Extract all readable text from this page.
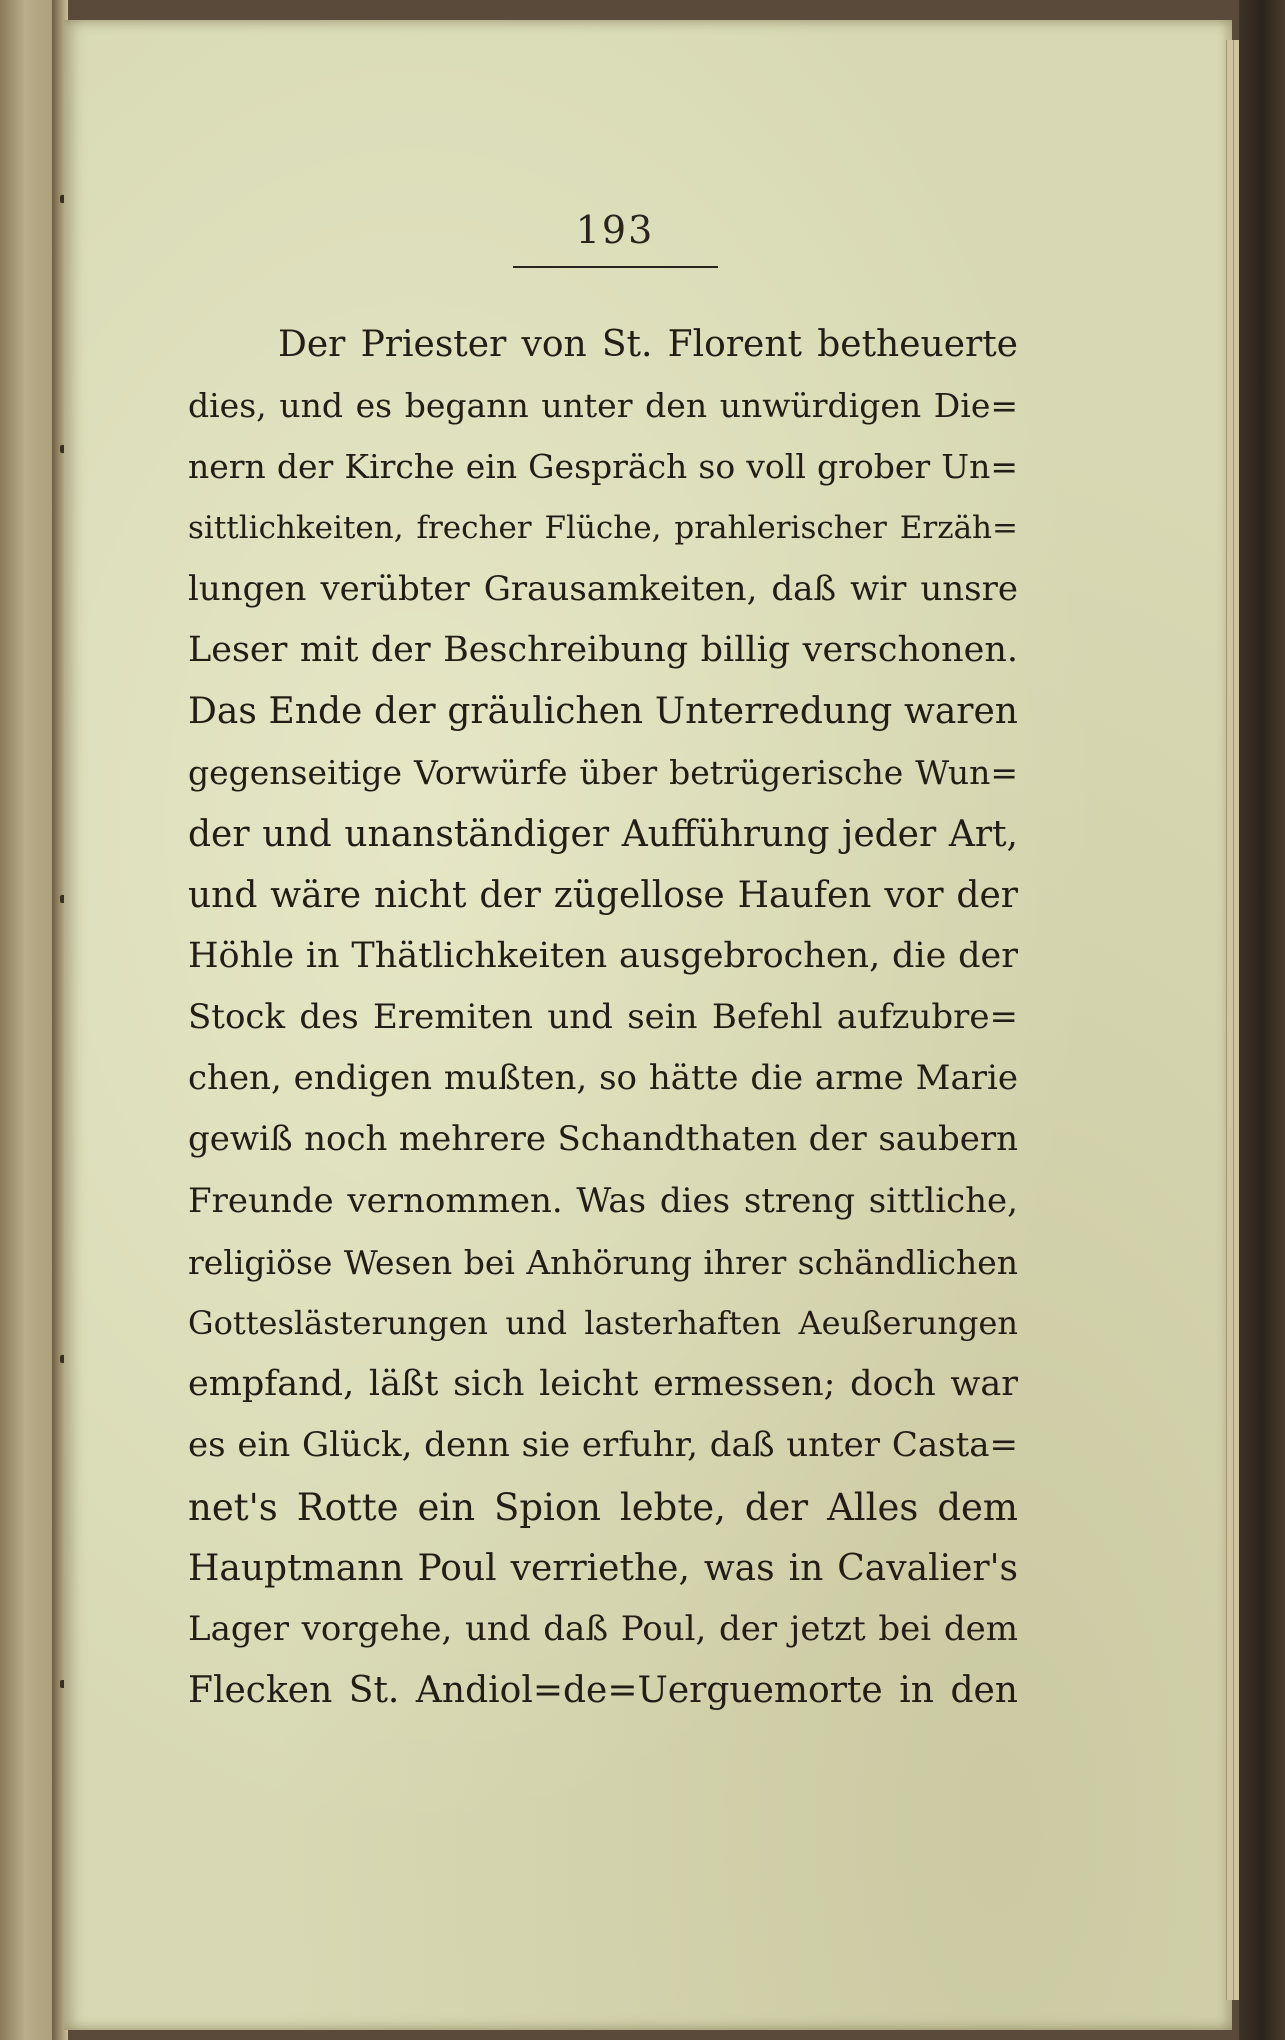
193
Der Priester von St. Florent betheuerte
dies, und es begann unter den unwürdigen Die=
nern der Kirche ein Gespräch so voll grober Un=
sittlichkeiten, frecher Flüche, prahlerischer Erzäh=
lungen verübter Grausamkeiten, daß wir unsre
Leser mit der Beschreibung billig verschonen.
Das Ende der gräulichen Unterredung waren
gegenseitige Vorwürfe über betrügerische Wun=
der und unanständiger Aufführung jeder Art,
und wäre nicht der zügellose Haufen vor der
Höhle in Thätlichkeiten ausgebrochen, die der
Stock des Eremiten und sein Befehl aufzubre=
chen, endigen mußten, so hätte die arme Marie
gewiß noch mehrere Schandthaten der saubern
Freunde vernommen. Was dies streng sittliche,
religiöse Wesen bei Anhörung ihrer schändlichen
Gotteslästerungen und lasterhaften Aeußerungen
empfand, läßt sich leicht ermessen; doch war
es ein Glück, denn sie erfuhr, daß unter Casta=
net's Rotte ein Spion lebte, der Alles dem
Hauptmann Poul verriethe, was in Cavalier's
Lager vorgehe, und daß Poul, der jetzt bei dem
Flecken St. Andiol=de=Uerguemorte in den
